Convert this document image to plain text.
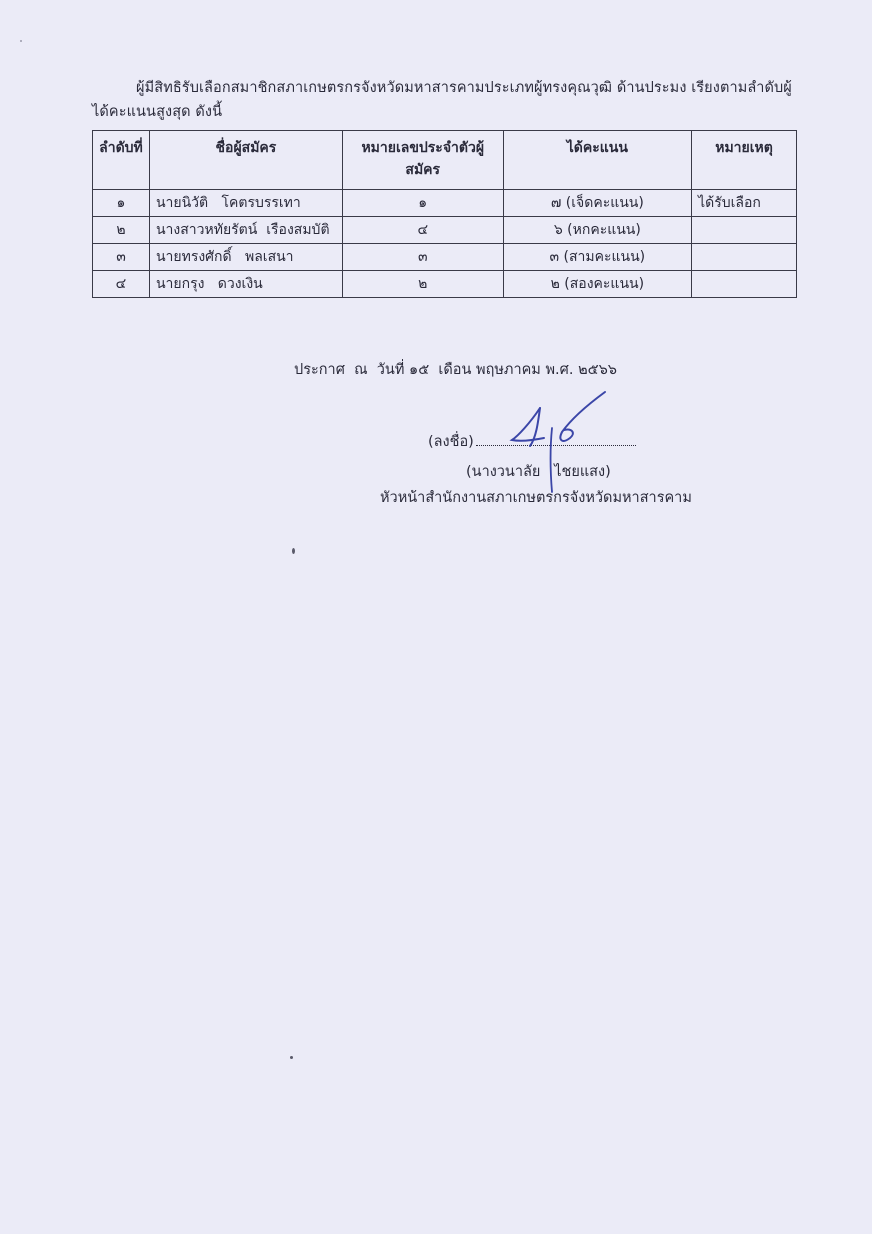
ผู้มีสิทธิรับเลือกสมาชิกสภาเกษตรกรจังหวัดมหาสารคามประเภทผู้ทรงคุณวุฒิ ด้านประมง เรียงตามลำดับผู้ได้คะแนนสูงสุด ดังนี้
ลำดับที่	ชื่อผู้สมัคร	หมายเลขประจำตัวผู้สมัคร	ได้คะแนน	หมายเหตุ
๑	นายนิวัติ   โคตรบรรเทา	๑	๗ (เจ็ดคะแนน)	ได้รับเลือก
๒	นางสาวหทัยรัตน์  เรืองสมบัติ	๔	๖ (หกคะแนน)	
๓	นายทรงศักดิ์   พลเสนา	๓	๓ (สามคะแนน)	
๔	นายกรุง   ดวงเงิน	๒	๒ (สองคะแนน)	
ประกาศ  ณ  วันที่ ๑๕  เดือน พฤษภาคม พ.ศ. ๒๕๖๖
(ลงชื่อ)
(นางวนาลัย   ไชยแสง)
หัวหน้าสำนักงานสภาเกษตรกรจังหวัดมหาสารคาม
